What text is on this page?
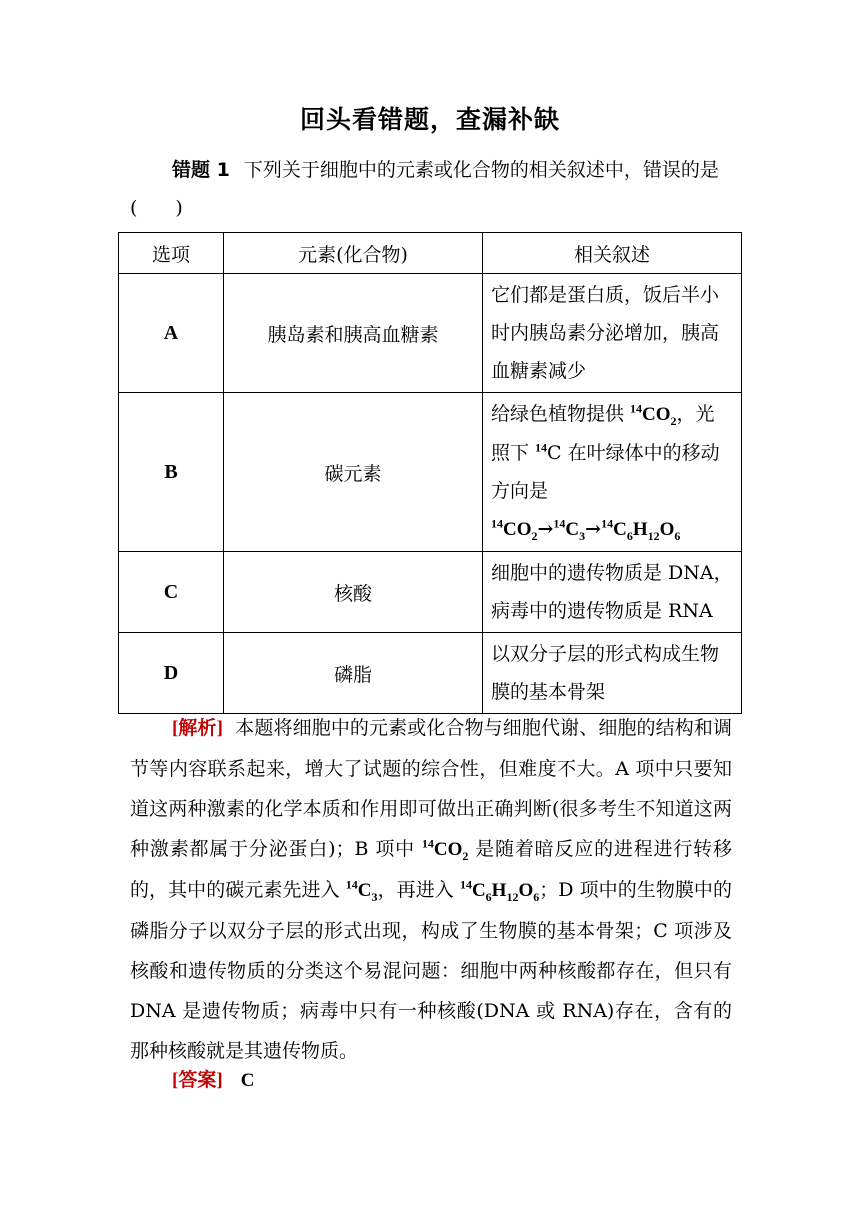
回头看错题，查漏补缺
错题 1 下列关于细胞中的元素或化合物的相关叙述中，错误的是(　　)
选项	元素(化合物)	相关叙述
A	胰岛素和胰高血糖素	它们都是蛋白质，饭后半小时内胰岛素分泌增加，胰高血糖素减少
B	碳元素	给绿色植物提供 $^{14}CO_2$，光照下 $^{14}$C 在叶绿体中的移动方向是
$^{14}CO_2\to^{14}C_3\to^{14}C_6H_{12}O_6$
C	核酸	细胞中的遗传物质是 DNA，病毒中的遗传物质是 RNA
D	磷脂	以双分子层的形式构成生物膜的基本骨架
[解析] 本题将细胞中的元素或化合物与细胞代谢、细胞的结构和调节等内容联系起来，增大了试题的综合性，但难度不大。A 项中只要知道这两种激素的化学本质和作用即可做出正确判断(很多考生不知道这两种激素都属于分泌蛋白)；B 项中 $^{14}CO_2$ 是随着暗反应的进程进行转移的，其中的碳元素先进入 $^{14}C_3$，再进入 $^{14}C_6H_{12}O_6$；D 项中的生物膜中的磷脂分子以双分子层的形式出现，构成了生物膜的基本骨架；C 项涉及核酸和遗传物质的分类这个易混问题：细胞中两种核酸都存在，但只有 DNA 是遗传物质；病毒中只有一种核酸(DNA 或 RNA)存在，含有的那种核酸就是其遗传物质。
[答案] C
